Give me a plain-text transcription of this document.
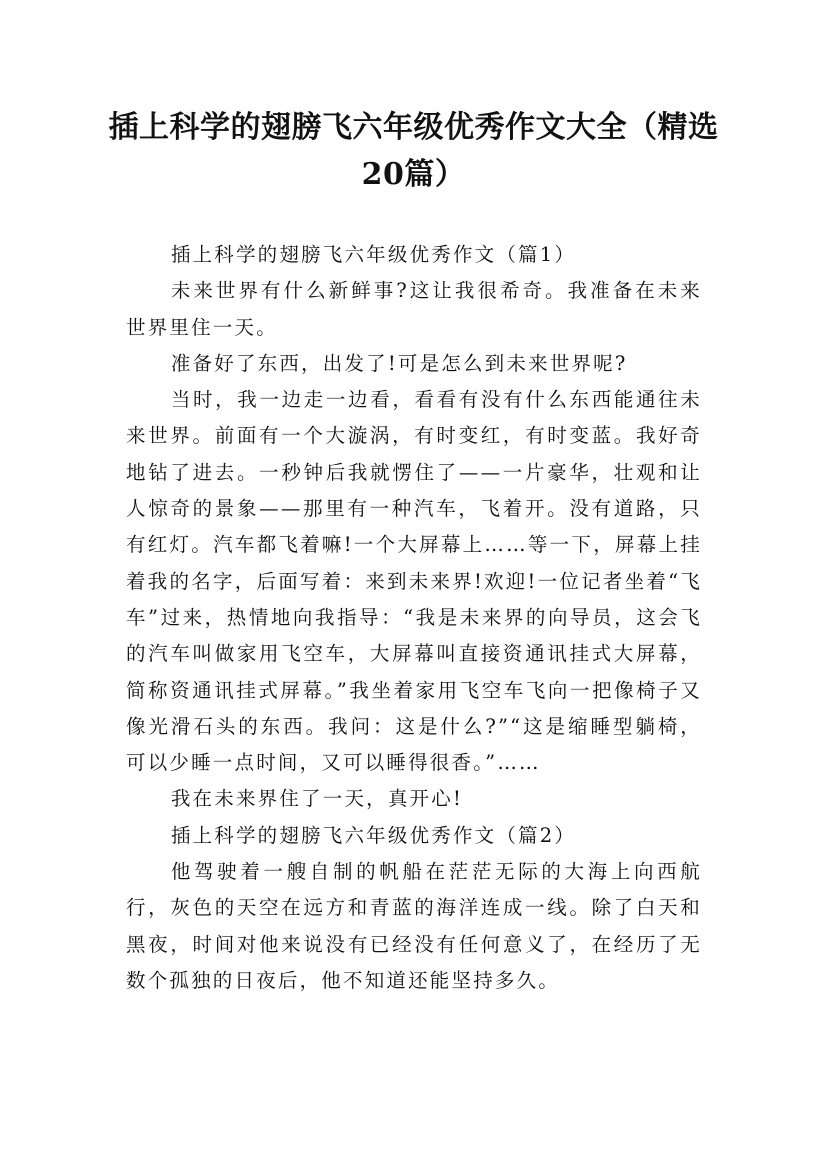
插上科学的翅膀飞六年级优秀作文大全（精选20篇）

插上科学的翅膀飞六年级优秀作文（篇1）

未来世界有什么新鲜事?这让我很希奇。我准备在未来世界里住一天。

准备好了东西，出发了!可是怎么到未来世界呢?

当时，我一边走一边看，看看有没有什么东西能通往未来世界。前面有一个大漩涡，有时变红，有时变蓝。我好奇地钻了进去。一秒钟后我就愣住了——一片豪华，壮观和让人惊奇的景象——那里有一种汽车，飞着开。没有道路，只有红灯。汽车都飞着嘛!一个大屏幕上……等一下，屏幕上挂着我的名字，后面写着：来到未来界!欢迎!一位记者坐着“飞车”过来，热情地向我指导：“我是未来界的向导员，这会飞的汽车叫做家用飞空车，大屏幕叫直接资通讯挂式大屏幕，简称资通讯挂式屏幕。”我坐着家用飞空车飞向一把像椅子又像光滑石头的东西。我问：这是什么?”“这是缩睡型躺椅，可以少睡一点时间，又可以睡得很香。”……

我在未来界住了一天，真开心!

插上科学的翅膀飞六年级优秀作文（篇2）

他驾驶着一艘自制的帆船在茫茫无际的大海上向西航行，灰色的天空在远方和青蓝的海洋连成一线。除了白天和黑夜，时间对他来说没有已经没有任何意义了，在经历了无数个孤独的日夜后，他不知道还能坚持多久。
